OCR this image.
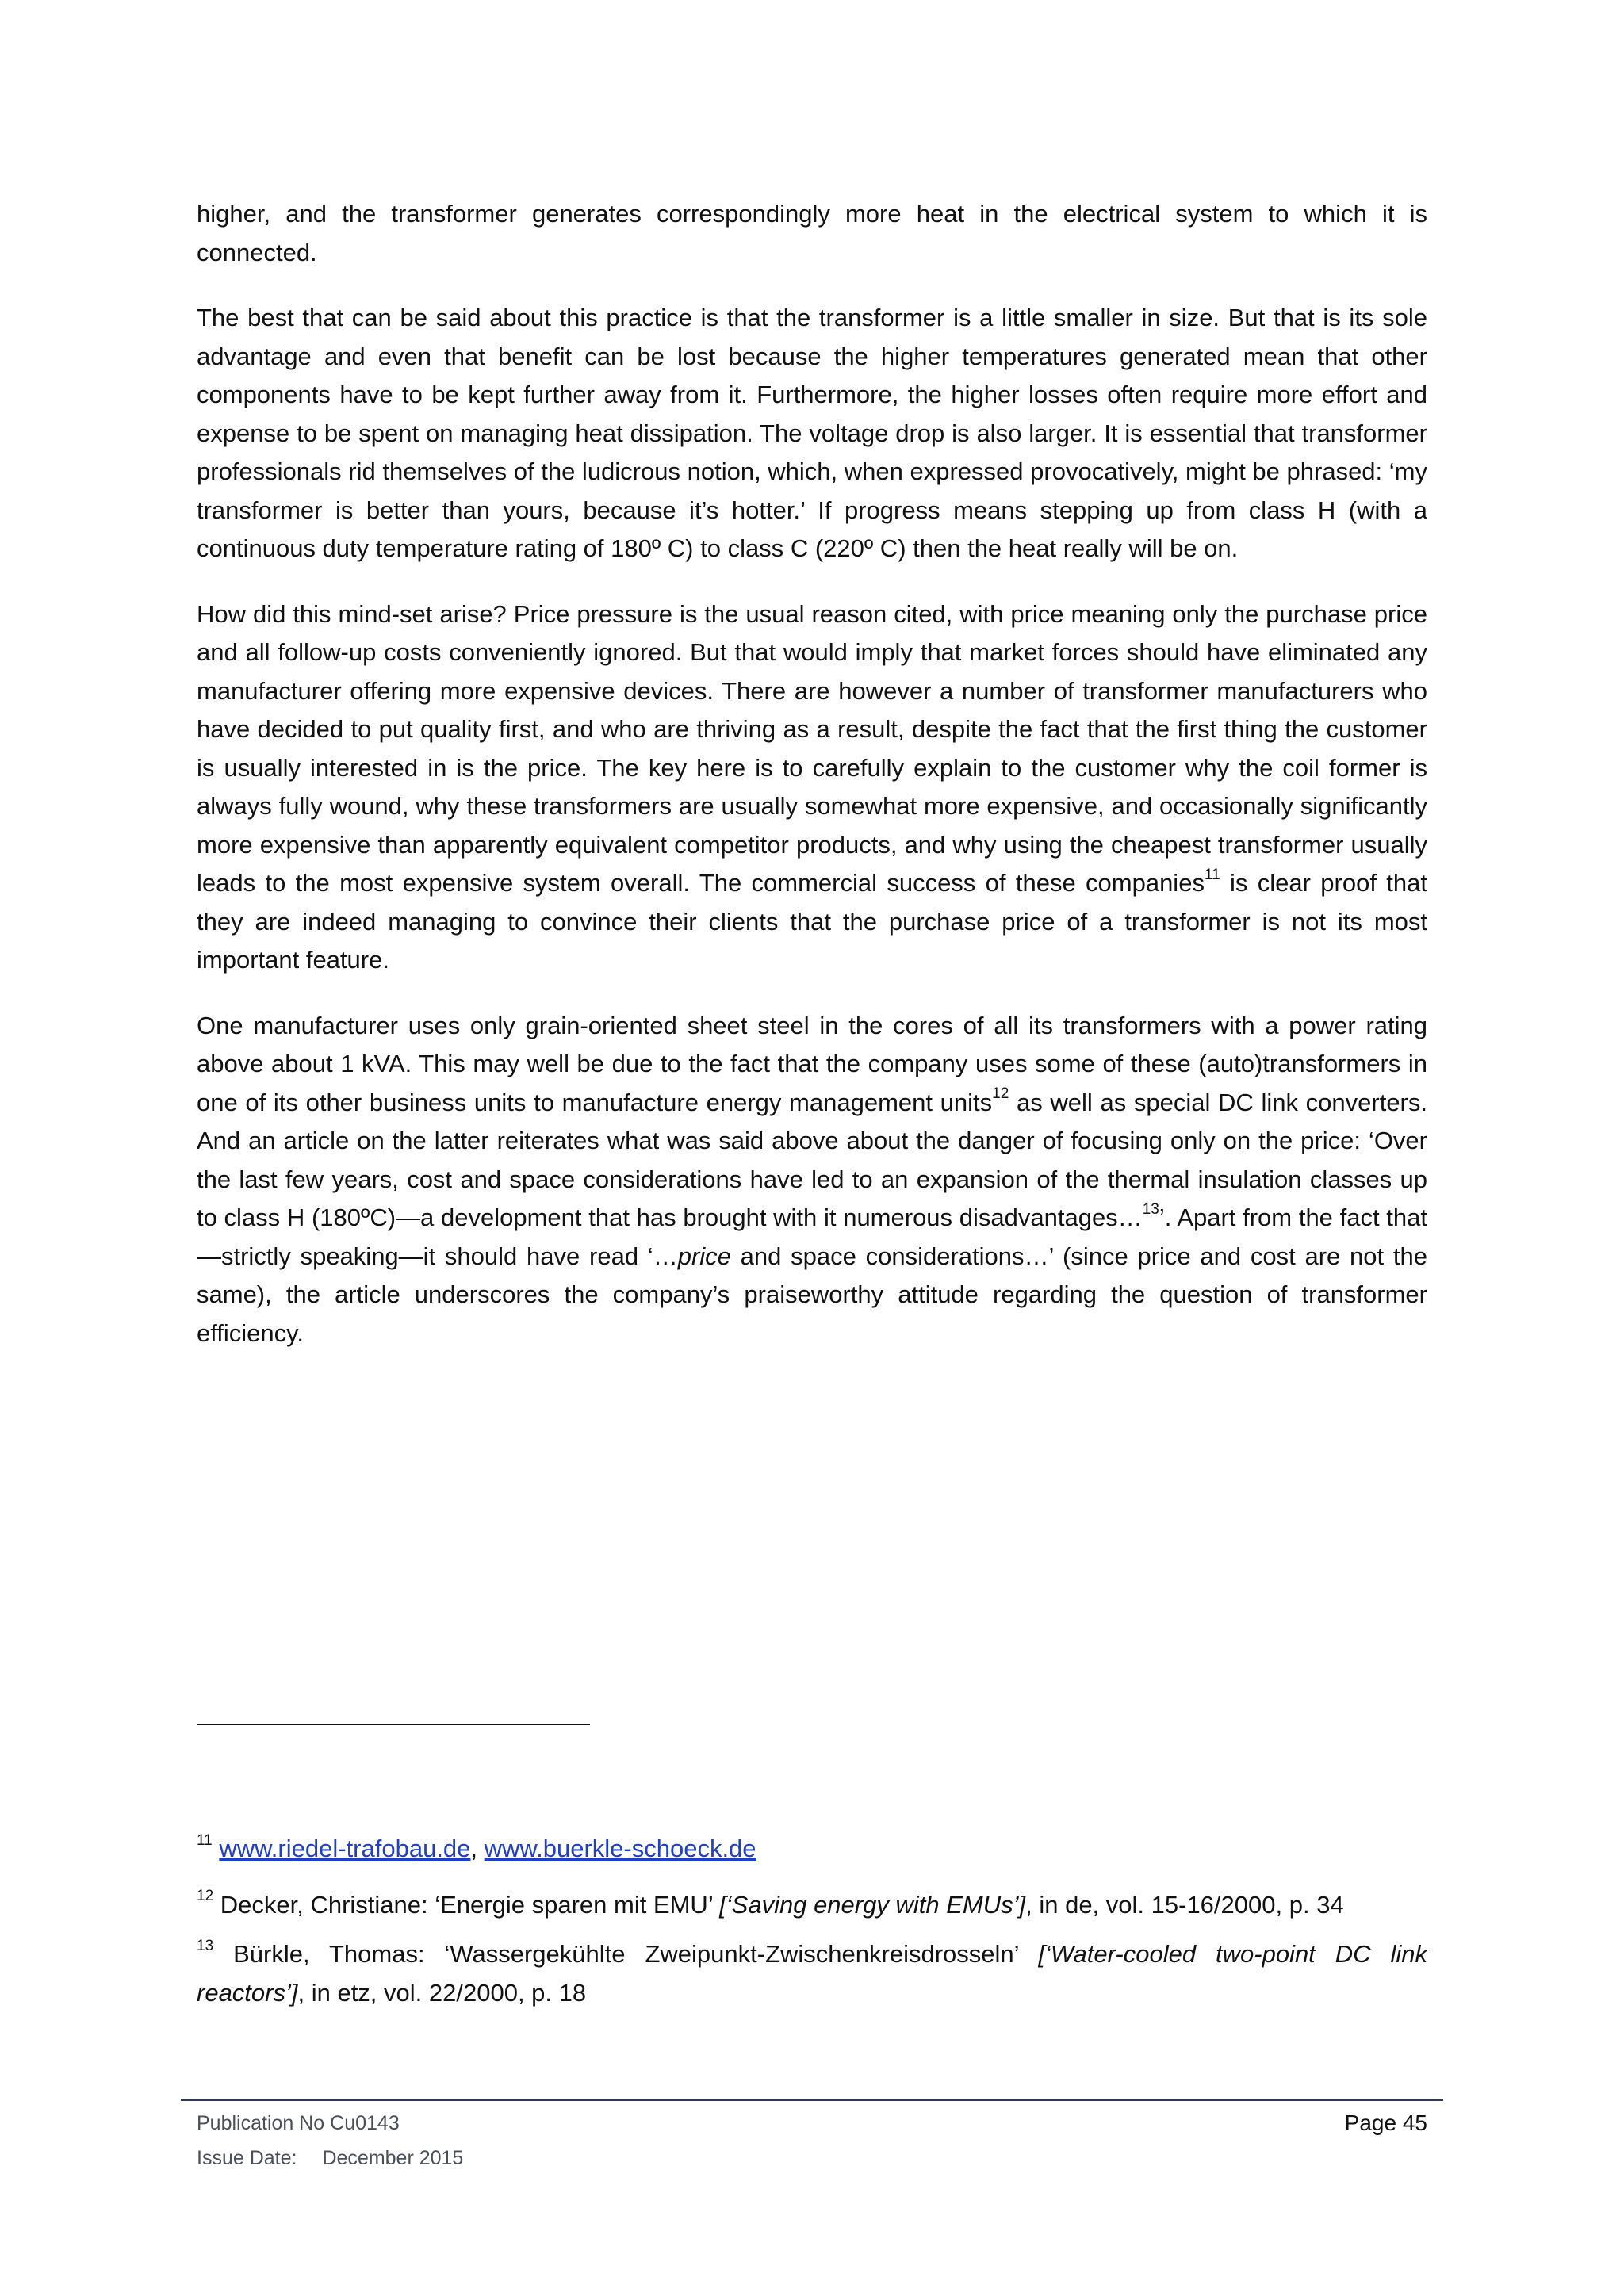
higher, and the transformer generates correspondingly more heat in the electrical system to which it is connected.

The best that can be said about this practice is that the transformer is a little smaller in size. But that is its sole advantage and even that benefit can be lost because the higher temperatures generated mean that other components have to be kept further away from it. Furthermore, the higher losses often require more effort and expense to be spent on managing heat dissipation. The voltage drop is also larger. It is essential that transformer professionals rid themselves of the ludicrous notion, which, when expressed provocatively, might be phrased: ‘my transformer is better than yours, because it’s hotter.’ If progress means stepping up from class H (with a continuous duty temperature rating of 180º C) to class C (220º C) then the heat really will be on.

How did this mind-set arise? Price pressure is the usual reason cited, with price meaning only the purchase price and all follow-up costs conveniently ignored. But that would imply that market forces should have eliminated any manufacturer offering more expensive devices. There are however a number of transformer manufacturers who have decided to put quality first, and who are thriving as a result, despite the fact that the first thing the customer is usually interested in is the price. The key here is to carefully explain to the customer why the coil former is always fully wound, why these transformers are usually somewhat more expensive, and occasionally significantly more expensive than apparently equivalent competitor products, and why using the cheapest transformer usually leads to the most expensive system overall. The commercial success of these companies$^{11}$ is clear proof that they are indeed managing to convince their clients that the purchase price of a transformer is not its most important feature.

One manufacturer uses only grain-oriented sheet steel in the cores of all its transformers with a power rating above about 1 kVA. This may well be due to the fact that the company uses some of these (auto)transformers in one of its other business units to manufacture energy management units$^{12}$ as well as special DC link converters. And an article on the latter reiterates what was said above about the danger of focusing only on the price: ‘Over the last few years, cost and space considerations have led to an expansion of the thermal insulation classes up to class H (180ºC)—a development that has brought with it numerous disadvantages…$^{13}$’. Apart from the fact that—strictly speaking—it should have read ‘…price and space considerations…’ (since price and cost are not the same), the article underscores the company’s praiseworthy attitude regarding the question of transformer efficiency.

$^{11}$ www.riedel-trafobau.de, www.buerkle-schoeck.de

$^{12}$ Decker, Christiane: ‘Energie sparen mit EMU’ [‘Saving energy with EMUs’], in de, vol. 15-16/2000, p. 34

$^{13}$ Bürkle, Thomas: ‘Wassergekühlte Zweipunkt-Zwischenkreisdrosseln’ [‘Water-cooled two-point DC link reactors’], in etz, vol. 22/2000, p. 18

Publication No Cu0143
Issue Date: December 2015
Page 45
